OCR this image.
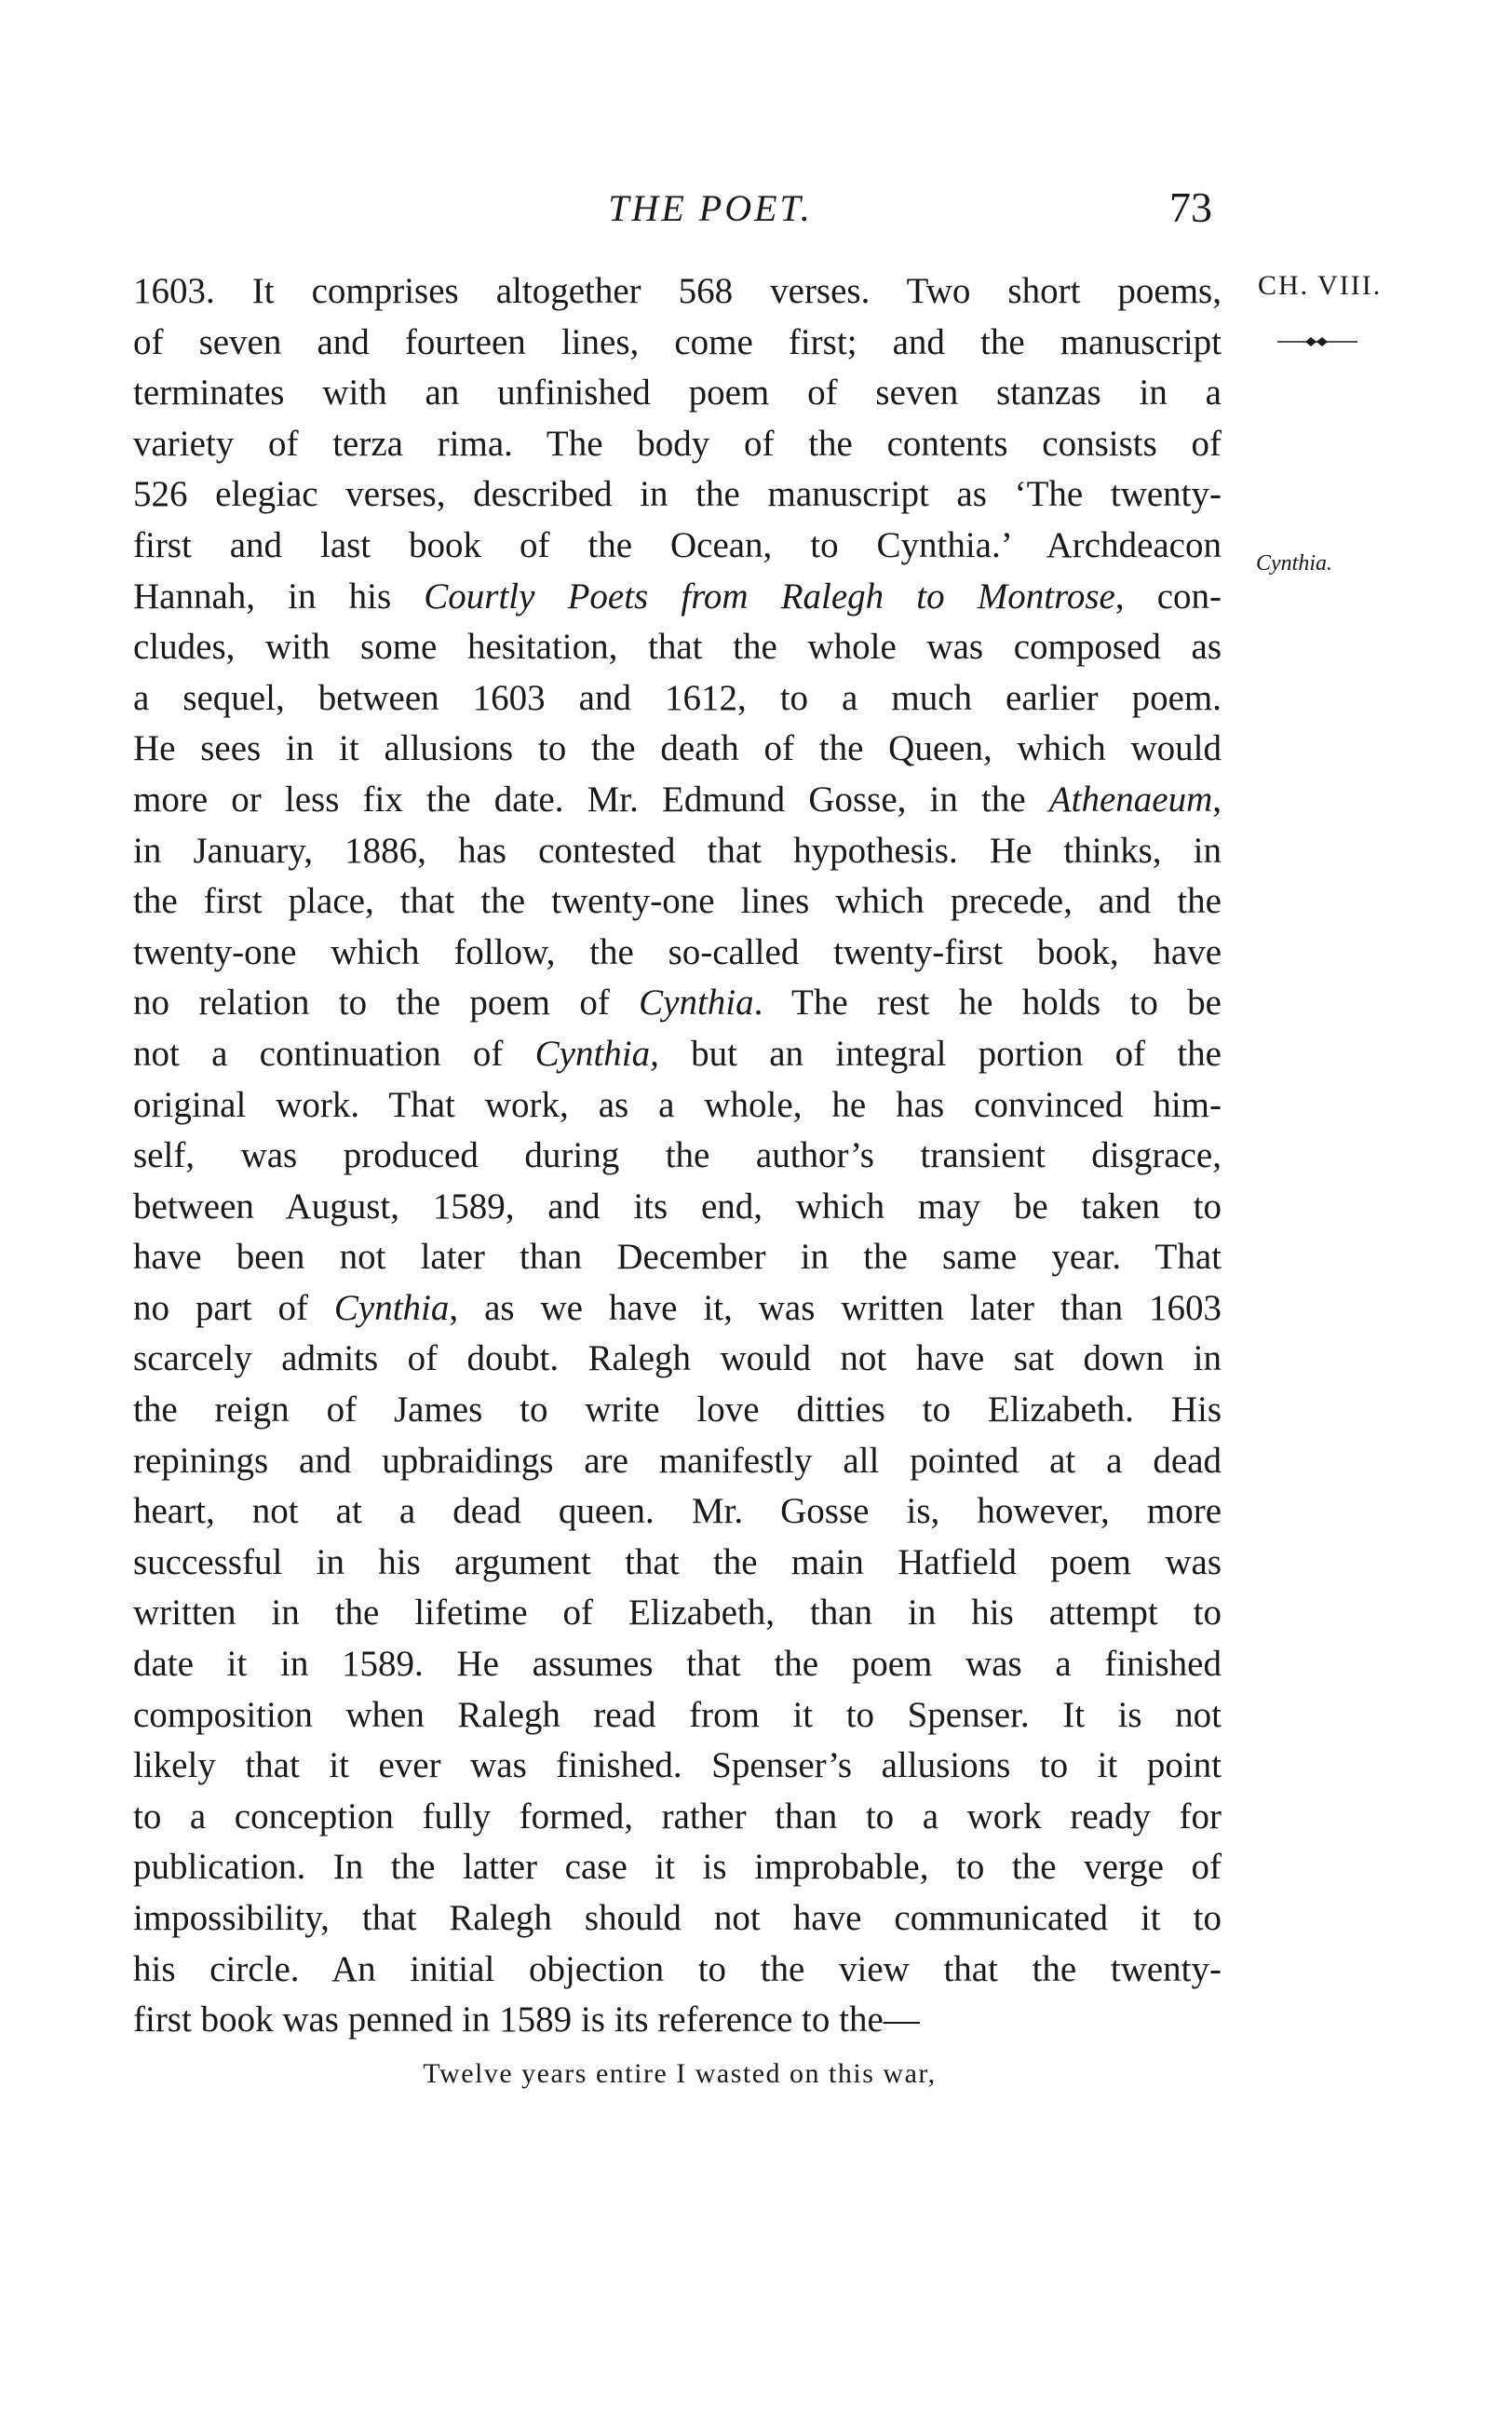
THE POET.	73
CH. VIII.
Cynthia.
1603. It comprises altogether 568 verses. Two short poems,
of seven and fourteen lines, come first; and the manuscript
terminates with an unfinished poem of seven stanzas in a
variety of terza rima. The body of the contents consists of
526 elegiac verses, described in the manuscript as ‘The twenty-
first and last book of the Ocean, to Cynthia.’ Archdeacon
Hannah, in his Courtly Poets from Ralegh to Montrose, con-
cludes, with some hesitation, that the whole was composed as
a sequel, between 1603 and 1612, to a much earlier poem.
He sees in it allusions to the death of the Queen, which would
more or less fix the date. Mr. Edmund Gosse, in the Athenaeum,
in January, 1886, has contested that hypothesis. He thinks, in
the first place, that the twenty-one lines which precede, and the
twenty-one which follow, the so-called twenty-first book, have
no relation to the poem of Cynthia. The rest he holds to be
not a continuation of Cynthia, but an integral portion of the
original work. That work, as a whole, he has convinced him-
self, was produced during the author’s transient disgrace,
between August, 1589, and its end, which may be taken to
have been not later than December in the same year. That
no part of Cynthia, as we have it, was written later than 1603
scarcely admits of doubt. Ralegh would not have sat down in
the reign of James to write love ditties to Elizabeth. His
repinings and upbraidings are manifestly all pointed at a dead
heart, not at a dead queen. Mr. Gosse is, however, more
successful in his argument that the main Hatfield poem was
written in the lifetime of Elizabeth, than in his attempt to
date it in 1589. He assumes that the poem was a finished
composition when Ralegh read from it to Spenser. It is not
likely that it ever was finished. Spenser’s allusions to it point
to a conception fully formed, rather than to a work ready for
publication. In the latter case it is improbable, to the verge of
impossibility, that Ralegh should not have communicated it to
his circle. An initial objection to the view that the twenty-
first book was penned in 1589 is its reference to the—
Twelve years entire I wasted on this war,
